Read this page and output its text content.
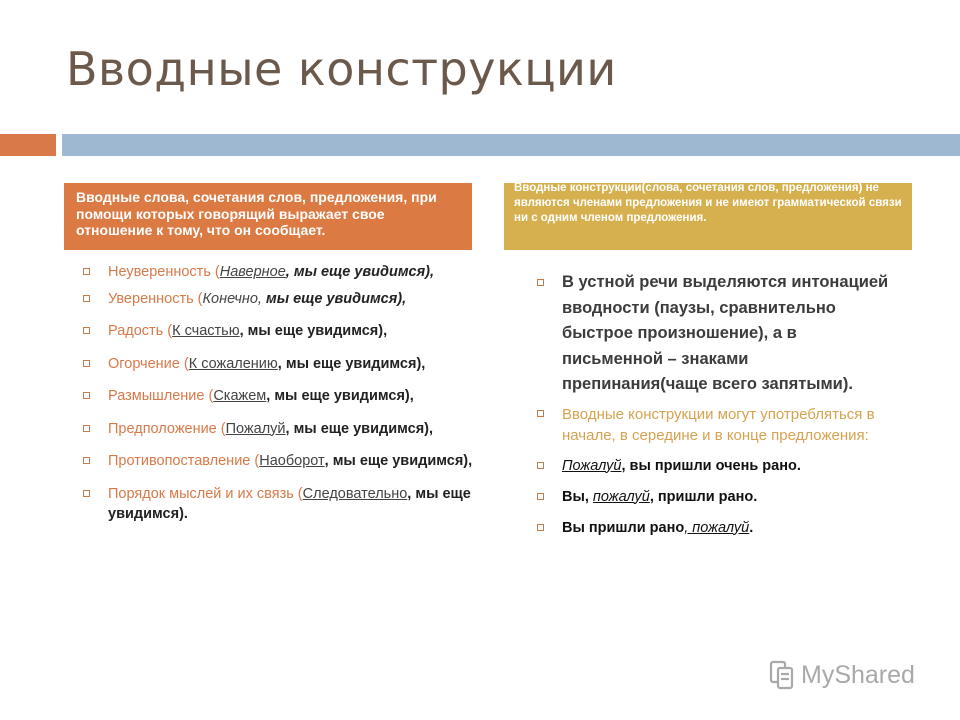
Вводные конструкции
Вводные слова, сочетания слов, предложения, при помощи которых говорящий выражает свое отношение к тому, что он сообщает.
Вводные конструкции(слова, сочетания слов, предложения) не являются членами предложения и не имеют грамматической связи ни с одним членом предложения.
Неуверенность (Наверное, мы еще увидимся),
Уверенность (Конечно, мы еще увидимся),
Радость (К счастью, мы еще увидимся),
Огорчение (К сожалению, мы еще увидимся),
Размышление (Скажем, мы еще увидимся),
Предположение (Пожалуй, мы еще увидимся),
Противопоставление (Наоборот, мы еще увидимся),
Порядок мыслей и их связь (Следовательно, мы еще увидимся).
В устной речи выделяются интонацией вводности (паузы, сравнительно быстрое произношение), а в письменной – знаками препинания(чаще всего запятыми).
Вводные конструкции могут употребляться в начале, в середине и в конце предложения:
Пожалуй, вы пришли очень рано.
Вы, пожалуй, пришли рано.
Вы пришли рано, пожалуй.
MyShared
